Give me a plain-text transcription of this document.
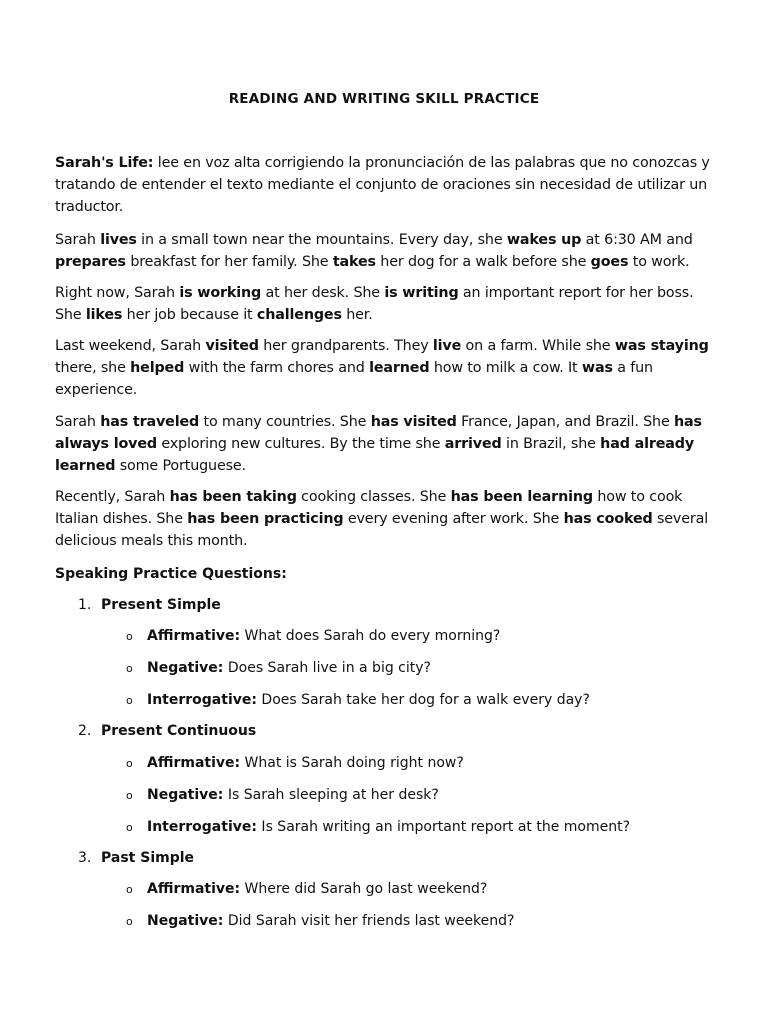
READING AND WRITING SKILL PRACTICE
Sarah's Life: lee en voz alta corrigiendo la pronunciación de las palabras que no conozcas y tratando de entender el texto mediante el conjunto de oraciones sin necesidad de utilizar un traductor.
Sarah lives in a small town near the mountains. Every day, she wakes up at 6:30 AM and prepares breakfast for her family. She takes her dog for a walk before she goes to work.
Right now, Sarah is working at her desk. She is writing an important report for her boss. She likes her job because it challenges her.
Last weekend, Sarah visited her grandparents. They live on a farm. While she was staying there, she helped with the farm chores and learned how to milk a cow. It was a fun experience.
Sarah has traveled to many countries. She has visited France, Japan, and Brazil. She has always loved exploring new cultures. By the time she arrived in Brazil, she had already learned some Portuguese.
Recently, Sarah has been taking cooking classes. She has been learning how to cook Italian dishes. She has been practicing every evening after work. She has cooked several delicious meals this month.
Speaking Practice Questions:
1. Present Simple
o Affirmative: What does Sarah do every morning?
o Negative: Does Sarah live in a big city?
o Interrogative: Does Sarah take her dog for a walk every day?
2. Present Continuous
o Affirmative: What is Sarah doing right now?
o Negative: Is Sarah sleeping at her desk?
o Interrogative: Is Sarah writing an important report at the moment?
3. Past Simple
o Affirmative: Where did Sarah go last weekend?
o Negative: Did Sarah visit her friends last weekend?
